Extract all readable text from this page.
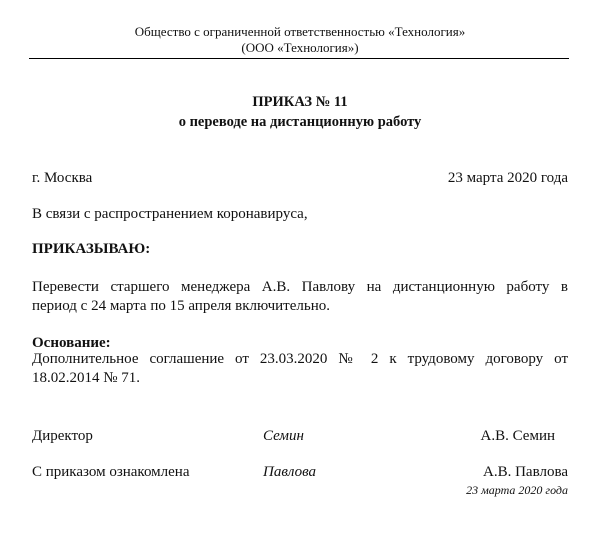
Общество с ограниченной ответственностью «Технология»
(ООО «Технология»)
ПРИКАЗ № 11
о переводе на дистанционную работу
г. Москва	23 марта 2020 года
В связи с распространением коронавируса,
ПРИКАЗЫВАЮ:
Перевести старшего менеджера А.В. Павлову на дистанционную работу в
период с 24 марта по 15 апреля включительно.
Основание:
Дополнительное соглашение от 23.03.2020 № 2 к трудовому договору от
18.02.2014 № 71.
Директор	Семин	А.В. Семин
С приказом ознакомлена	Павлова	А.В. Павлова
23 марта 2020 года
